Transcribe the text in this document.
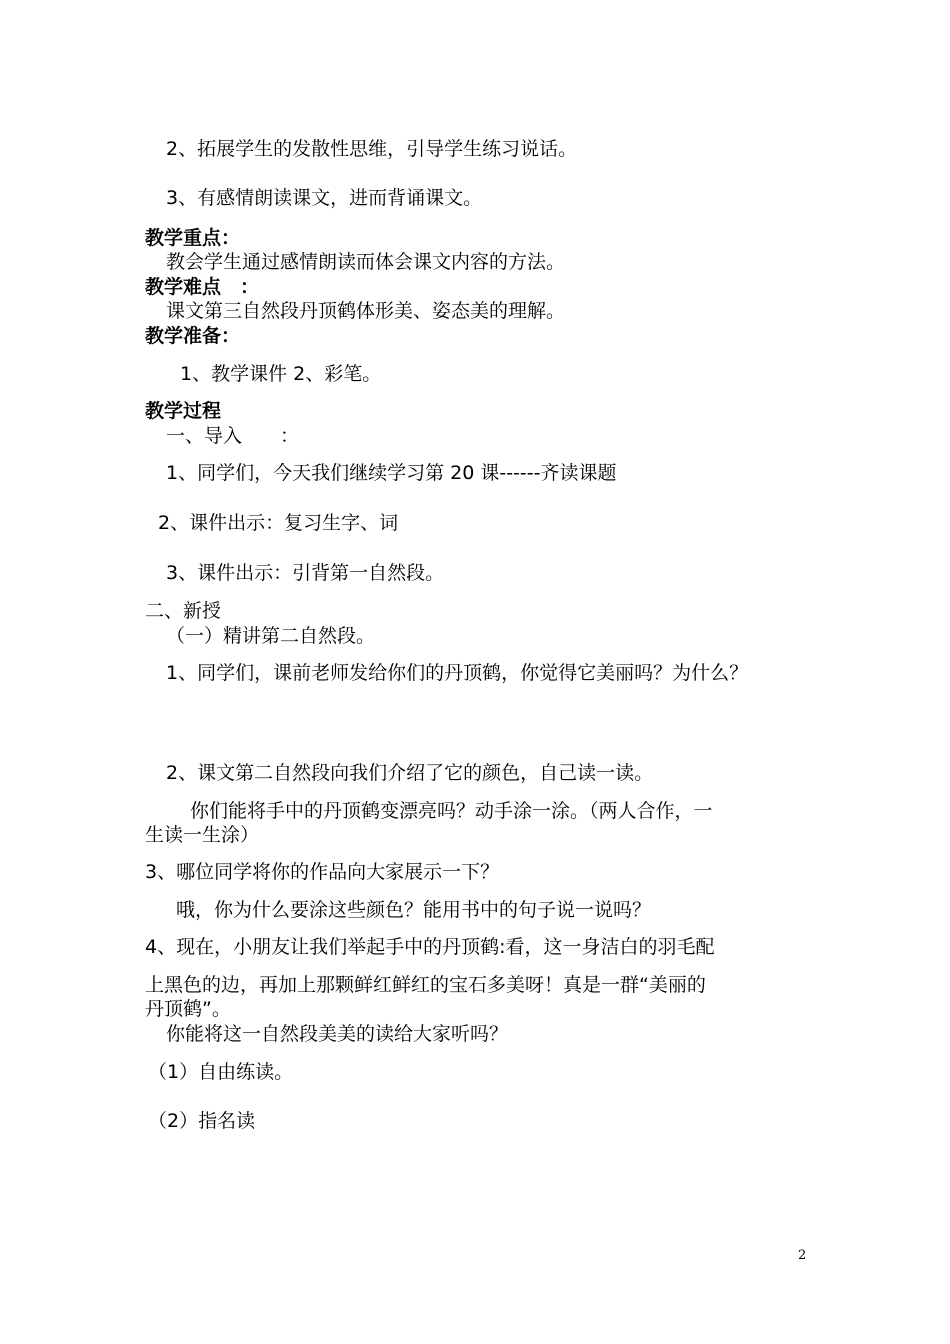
2、拓展学生的发散性思维，引导学生练习说话。
3、有感情朗读课文，进而背诵课文。
教学重点：
教会学生通过感情朗读而体会课文内容的方法。
教学难点　：
课文第三自然段丹顶鹤体形美、姿态美的理解。
教学准备：
1、教学课件 2、彩笔。
教学过程
一、导入　　：
1、同学们，今天我们继续学习第 20 课------齐读课题
2、课件出示：复习生字、词
3、课件出示：引背第一自然段。
二、新授
（一）精讲第二自然段。
1、同学们，课前老师发给你们的丹顶鹤，你觉得它美丽吗？为什么？
2、课文第二自然段向我们介绍了它的颜色，自己读一读。
你们能将手中的丹顶鹤变漂亮吗？动手涂一涂。（两人合作，一
生读一生涂）
3、哪位同学将你的作品向大家展示一下？
哦，你为什么要涂这些颜色？能用书中的句子说一说吗？
4、现在，小朋友让我们举起手中的丹顶鹤:看，这一身洁白的羽毛配
上黑色的边，再加上那颗鲜红鲜红的宝石多美呀！真是一群“美丽的
丹顶鹤”。
你能将这一自然段美美的读给大家听吗？
（1）自由练读。
（2）指名读
2
